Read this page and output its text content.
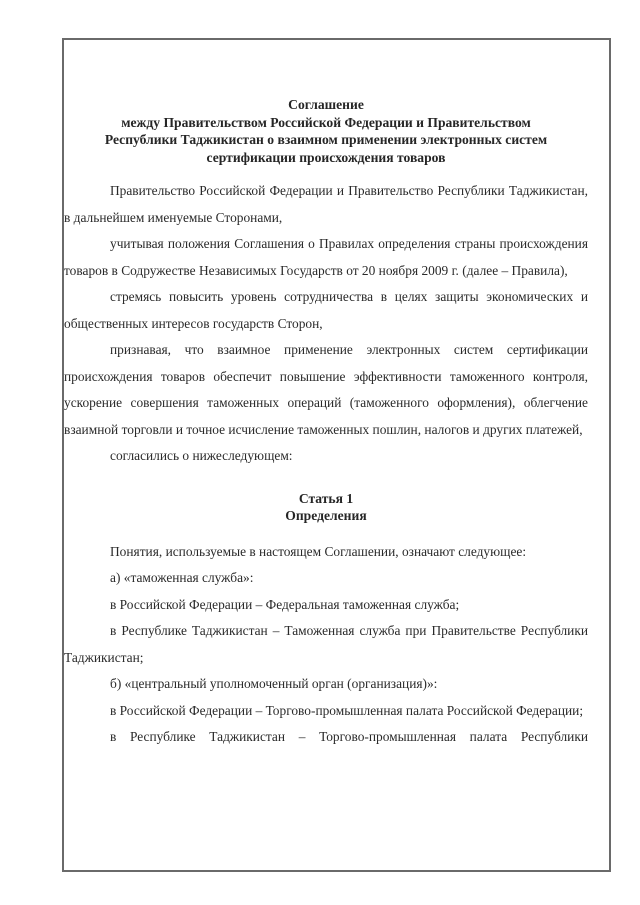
Соглашение
между Правительством Российской Федерации и Правительством
Республики Таджикистан о взаимном применении электронных систем
сертификации происхождения товаров

Правительство Российской Федерации и Правительство Республики Таджикистан, в дальнейшем именуемые Сторонами,

учитывая положения Соглашения о Правилах определения страны происхождения товаров в Содружестве Независимых Государств от 20 ноября 2009 г. (далее – Правила),

стремясь повысить уровень сотрудничества в целях защиты экономических и общественных интересов государств Сторон,

признавая, что взаимное применение электронных систем сертификации происхождения товаров обеспечит повышение эффективности таможенного контроля, ускорение совершения таможенных операций (таможенного оформления), облегчение взаимной торговли и точное исчисление таможенных пошлин, налогов и других платежей,

согласились о нижеследующем:

Статья 1
Определения

Понятия, используемые в настоящем Соглашении, означают следующее:

а) «таможенная служба»:

в Российской Федерации – Федеральная таможенная служба;

в Республике Таджикистан – Таможенная служба при Правительстве Республики Таджикистан;

б) «центральный уполномоченный орган (организация)»:

в Российской Федерации – Торгово-промышленная палата Российской Федерации;

в Республике Таджикистан – Торгово-промышленная палата Республики
